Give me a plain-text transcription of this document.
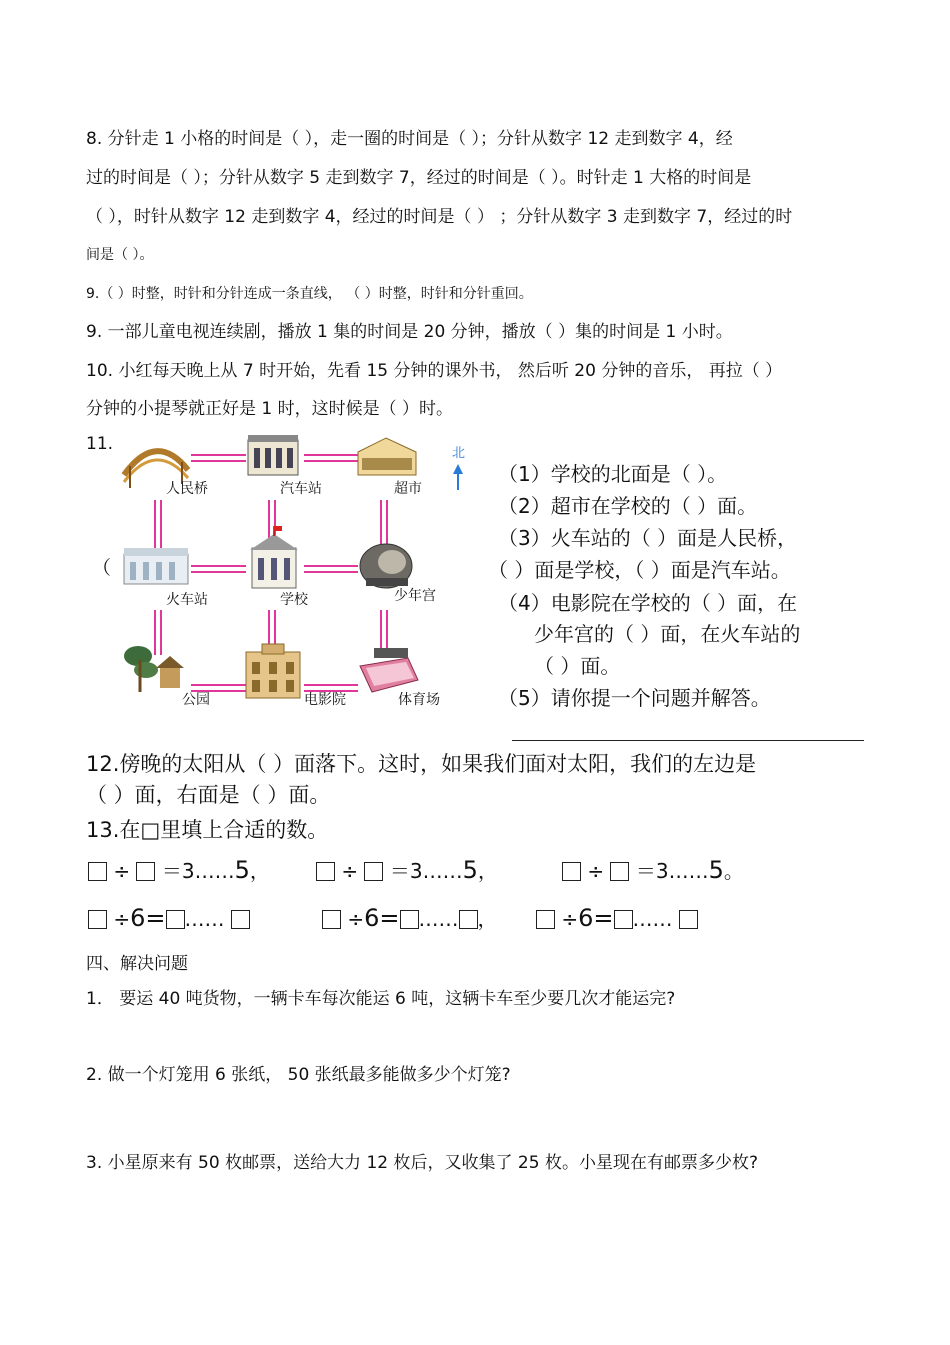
8. 分针走 1 小格的时间是（ ），走一圈的时间是（ ）；分针从数字 12 走到数字 4，经
过的时间是（ ）；分针从数字 5 走到数字 7，经过的时间是（ ）。时针走 1 大格的时间是
（ ），时针从数字 12 走到数字 4，经过的时间是（ ） ；分针从数字 3 走到数字 7，经过的时
间是（ ）。
9.（ ）时整，时针和分针连成一条直线， （ ）时整，时针和分针重回。
9. 一部儿童电视连续剧，播放 1 集的时间是 20 分钟，播放（ ）集的时间是 1 小时。
10. 小红每天晚上从 7 时开始，先看 15 分钟的课外书， 然后听 20 分钟的音乐， 再拉（ ）
分钟的小提琴就正好是 1 时，这时候是（ ）时。
11.
（
北
人民桥	汽车站	超市
火车站	学校	少年宫
公园	电影院	体育场
（1）学校的北面是（ ）。
（2）超市在学校的（ ）面。
（3）火车站的（ ）面是人民桥，
（ ）面是学校，（ ）面是汽车站。
（4）电影院在学校的（ ）面，在
少年宫的（ ）面，在火车站的
（ ）面。
（5）请你提一个问题并解答。
12.傍晚的太阳从（ ）面落下。这时，如果我们面对太阳，我们的左边是
（ ）面，右面是（ ）面。
13.在□里填上合适的数。
÷ ＝3……5，	÷ ＝3……5，	÷ ＝3……5。
÷6= ……	÷6= …… ，	÷6= ……
四、解决问题
1． 要运 40 吨货物，一辆卡车每次能运 6 吨，这辆卡车至少要几次才能运完?
2. 做一个灯笼用 6 张纸， 50 张纸最多能做多少个灯笼?
3. 小星原来有 50 枚邮票，送给大力 12 枚后，又收集了 25 枚。小星现在有邮票多少枚?
